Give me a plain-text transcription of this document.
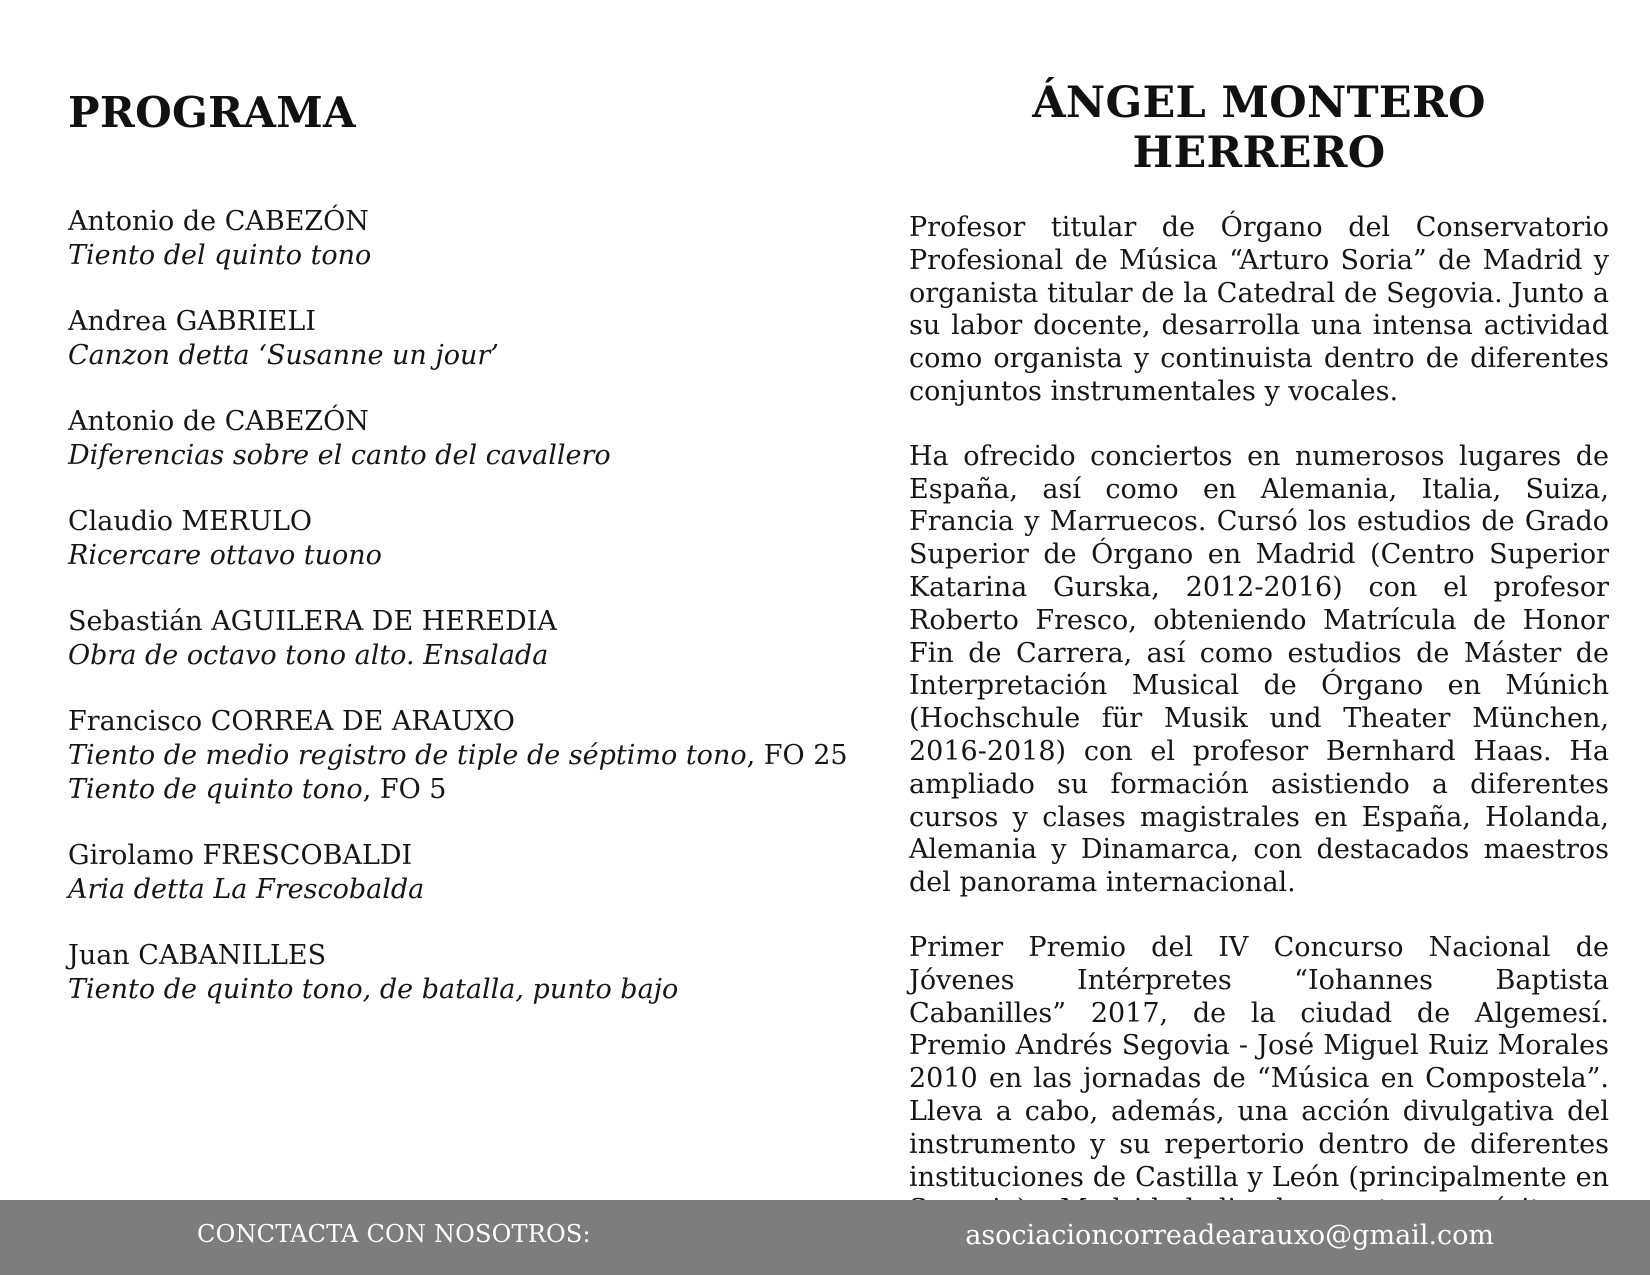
PROGRAMA
Antonio de CABEZÓN
Tiento del quinto tono
Andrea GABRIELI
Canzon detta ‘Susanne un jour’
Antonio de CABEZÓN
Diferencias sobre el canto del cavallero
Claudio MERULO
Ricercare ottavo tuono
Sebastián AGUILERA DE HEREDIA
Obra de octavo tono alto. Ensalada
Francisco CORREA DE ARAUXO
Tiento de medio registro de tiple de séptimo tono, FO 25
Tiento de quinto tono, FO 5
Girolamo FRESCOBALDI
Aria detta La Frescobalda
Juan CABANILLES
Tiento de quinto tono, de batalla, punto bajo
ÁNGEL MONTERO HERRERO

Profesor titular de Órgano del Conservatorio Profesional de Música “Arturo Soria” de Madrid y organista titular de la Catedral de Segovia. Junto a su labor docente, desarrolla una intensa actividad como organista y continuista dentro de diferentes conjuntos instrumentales y vocales.

Ha ofrecido conciertos en numerosos lugares de España, así como en Alemania, Italia, Suiza, Francia y Marruecos. Cursó los estudios de Grado Superior de Órgano en Madrid (Centro Superior Katarina Gurska, 2012-2016) con el profesor Roberto Fresco, obteniendo Matrícula de Honor Fin de Carrera, así como estudios de Máster de Interpretación Musical de Órgano en Múnich (Hochschule für Musik und Theater München, 2016-2018) con el profesor Bernhard Haas. Ha ampliado su formación asistiendo a diferentes cursos y clases magistrales en España, Holanda, Alemania y Dinamarca, con destacados maestros del panorama internacional.

Primer Premio del IV Concurso Nacional de Jóvenes Intérpretes “Iohannes Baptista Cabanilles” 2017, de la ciudad de Algemesí. Premio Andrés Segovia - José Miguel Ruiz Morales 2010 en las jornadas de “Música en Compostela”. Lleva a cabo, además, una acción divulgativa del instrumento y su repertorio dentro de diferentes instituciones de Castilla y León (principalmente en

CONCTACTA CON NOSOTROS:	asociacioncorreadearauxo@gmail.com
